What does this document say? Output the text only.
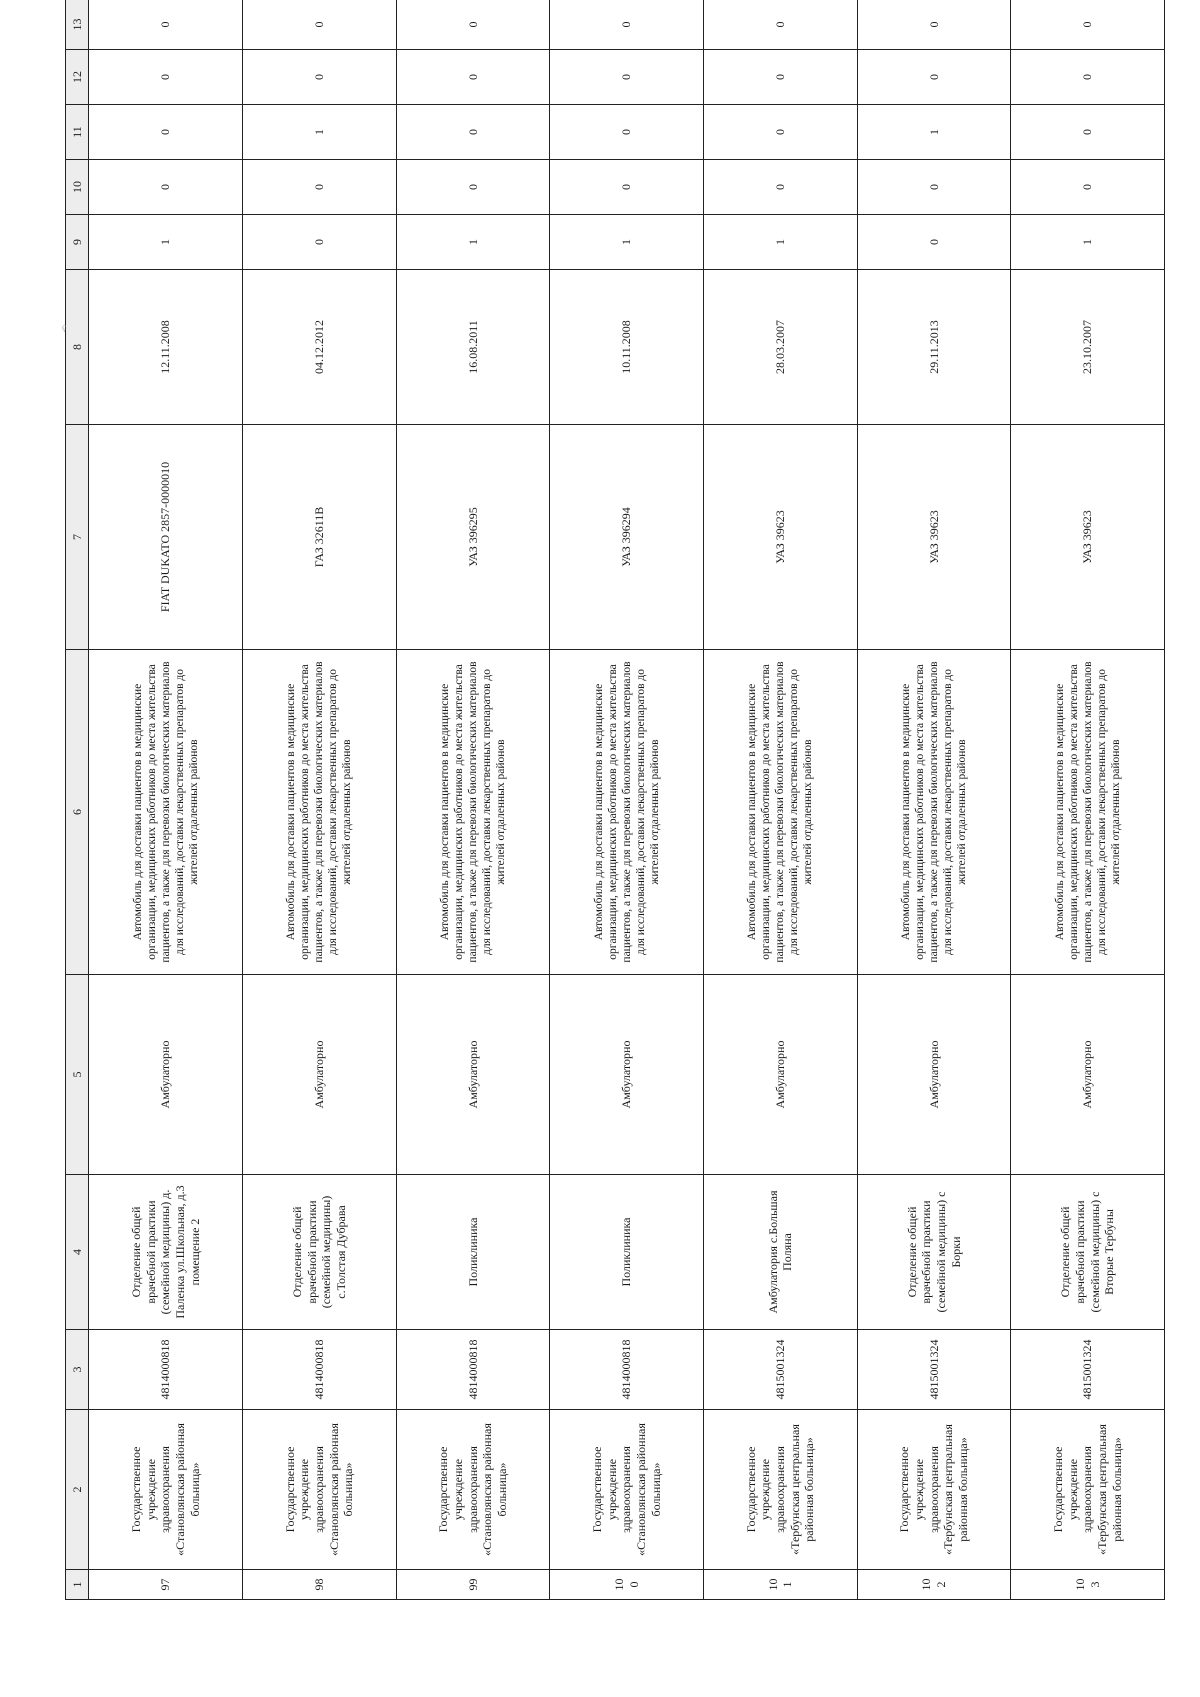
1	2	3	4	5	6	7	8	9	10	11	12	13
97	Государственное учреждение здравоохранения «Становлянская районная больница»	4814000818	Отделение общей врачебной практики (семейной медицины) д. Паленка ул.Школьная, д.3 помещение 2	Амбулаторно	Автомобиль для доставки пациентов в медицинские организации, медицинских работников до места жительства пациентов, а также для перевозки биологических материалов для исследований, доставки лекарственных препаратов до жителей отдаленных районов	FIAT DUKATO 2857-0000010	12.11.2008	1	0	0	0	0
98	Государственное учреждение здравоохранения «Становлянская районная больница»	4814000818	Отделение общей врачебной практики (семейной медицины) с.Толстая Дубрава	Амбулаторно	Автомобиль для доставки пациентов в медицинские организации, медицинских работников до места жительства пациентов, а также для перевозки биологических материалов для исследований, доставки лекарственных препаратов до жителей отдаленных районов	ГАЗ 32611В	04.12.2012	0	0	1	0	0
99	Государственное учреждение здравоохранения «Становлянская районная больница»	4814000818	Поликлиника	Амбулаторно	Автомобиль для доставки пациентов в медицинские организации, медицинских работников до места жительства пациентов, а также для перевозки биологических материалов для исследований, доставки лекарственных препаратов до жителей отдаленных районов	УАЗ 396295	16.08.2011	1	0	0	0	0
100	Государственное учреждение здравоохранения «Становлянская районная больница»	4814000818	Поликлиника	Амбулаторно	Автомобиль для доставки пациентов в медицинские организации, медицинских работников до места жительства пациентов, а также для перевозки биологических материалов для исследований, доставки лекарственных препаратов до жителей отдаленных районов	УАЗ 396294	10.11.2008	1	0	0	0	0
101	Государственное учреждение здравоохранения «Тербунская центральная районная больница»	4815001324	Амбулатория с.Большая Поляна	Амбулаторно	Автомобиль для доставки пациентов в медицинские организации, медицинских работников до места жительства пациентов, а также для перевозки биологических материалов для исследований, доставки лекарственных препаратов до жителей отдаленных районов	УАЗ 39623	28.03.2007	1	0	0	0	0
102	Государственное учреждение здравоохранения «Тербунская центральная районная больница»	4815001324	Отделение общей врачебной практики (семейной медицины) с Борки	Амбулаторно	Автомобиль для доставки пациентов в медицинские организации, медицинских работников до места жительства пациентов, а также для перевозки биологических материалов для исследований, доставки лекарственных препаратов до жителей отдаленных районов	УАЗ 39623	29.11.2013	0	0	1	0	0
103	Государственное учреждение здравоохранения «Тербунская центральная районная больница»	4815001324	Отделение общей врачебной практики (семейной медицины) с Вторые Тербуны	Амбулаторно	Автомобиль для доставки пациентов в медицинские организации, медицинских работников до места жительства пациентов, а также для перевозки биологических материалов для исследований, доставки лекарственных препаратов до жителей отдаленных районов	УАЗ 39623	23.10.2007	1	0	0	0	0
ç
